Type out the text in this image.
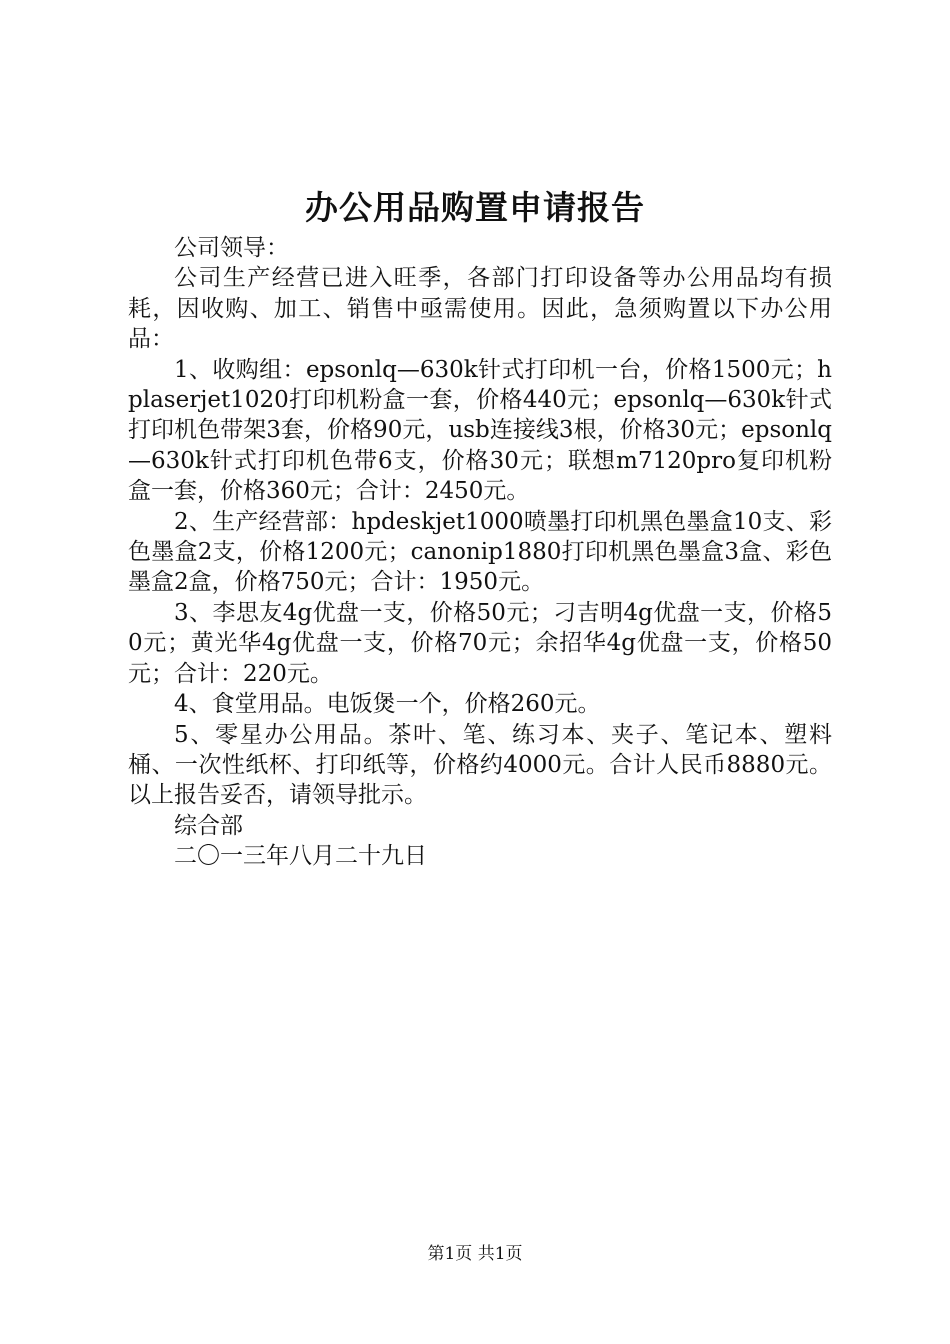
办公用品购置申请报告

公司领导：

公司生产经营已进入旺季，各部门打印设备等办公用品均有损耗，因收购、加工、销售中亟需使用。因此，急须购置以下办公用品：

1、收购组：epsonlq—630k针式打印机一台，价格1500元；hplaserjet1020打印机粉盒一套，价格440元；epsonlq—630k针式打印机色带架3套，价格90元，usb连接线3根，价格30元；epsonlq—630k针式打印机色带6支，价格30元；联想m7120pro复印机粉盒一套，价格360元；合计：2450元。

2、生产经营部：hpdeskjet1000喷墨打印机黑色墨盒10支、彩色墨盒2支，价格1200元；canonip1880打印机黑色墨盒3盒、彩色墨盒2盒，价格750元；合计：1950元。

3、李思友4g优盘一支，价格50元；刁吉明4g优盘一支，价格50元；黄光华4g优盘一支，价格70元；余招华4g优盘一支，价格50元；合计：220元。

4、食堂用品。电饭煲一个，价格260元。

5、零星办公用品。茶叶、笔、练习本、夹子、笔记本、塑料桶、一次性纸杯、打印纸等，价格约4000元。合计人民币8880元。以上报告妥否，请领导批示。

综合部

二〇一三年八月二十九日

第1页 共1页
